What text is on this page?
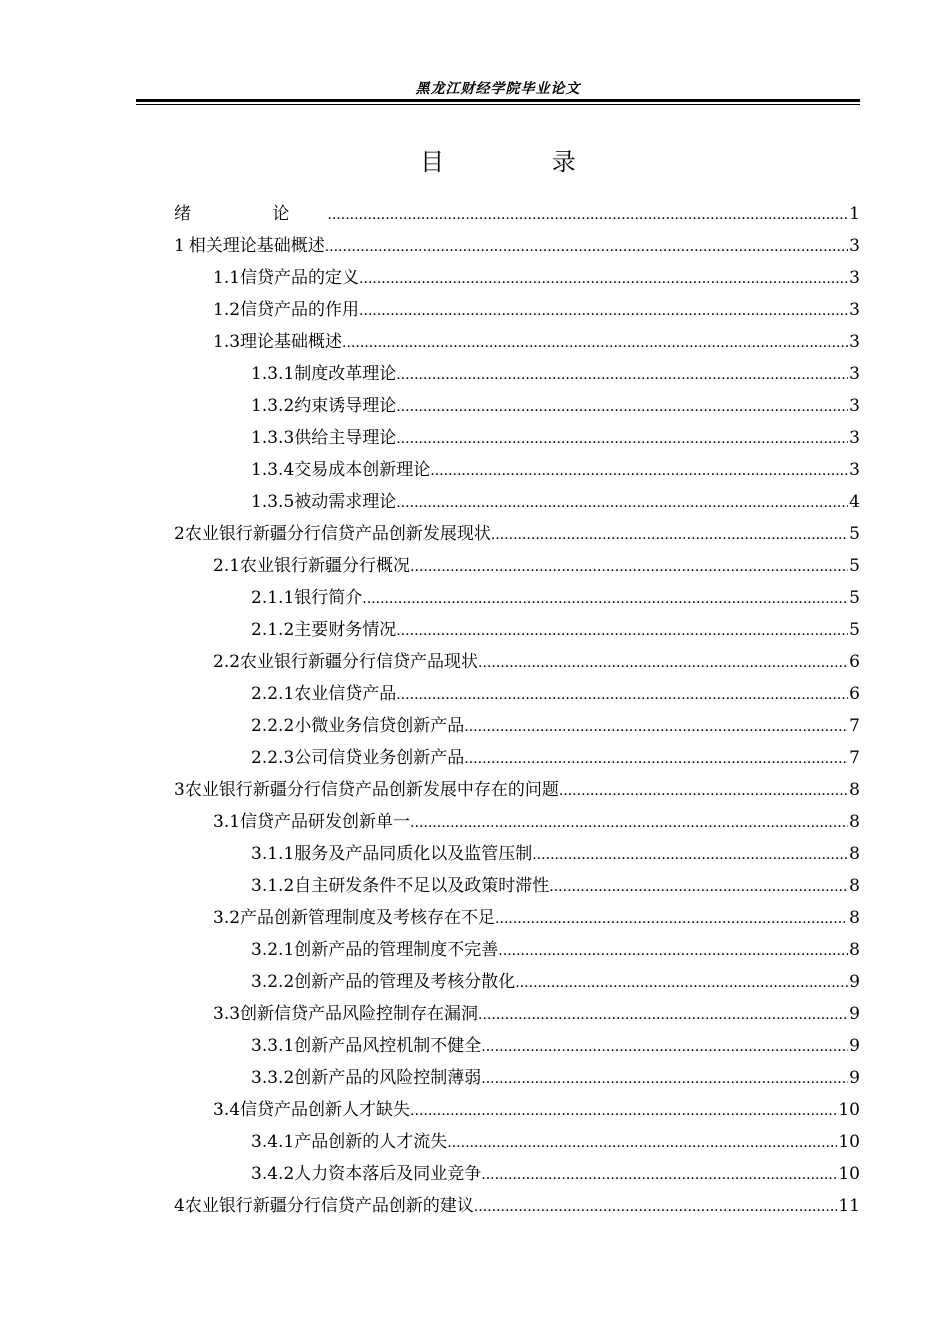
黑龙江财经学院毕业论文
目 录
绪 论 .....	1
1 相关理论基础概述 .....	3
1.1 信贷产品的定义 .....	3
1.2 信贷产品的作用 .....	3
1.3 理论基础概述 .....	3
1.3.1 制度改革理论 .....	3
1.3.2 约束诱导理论 .....	3
1.3.3 供给主导理论 .....	3
1.3.4 交易成本创新理论 .....	3
1.3.5 被动需求理论 .....	4
2 农业银行新疆分行信贷产品创新发展现状 .....	5
2.1 农业银行新疆分行概况 .....	5
2.1.1 银行简介 .....	5
2.1.2 主要财务情况 .....	5
2.2 农业银行新疆分行信贷产品现状 .....	6
2.2.1 农业信贷产品 .....	6
2.2.2 小微业务信贷创新产品 .....	7
2.2.3 公司信贷业务创新产品 .....	7
3 农业银行新疆分行信贷产品创新发展中存在的问题 .....	8
3.1 信贷产品研发创新单一 .....	8
3.1.1 服务及产品同质化以及监管压制 .....	8
3.1.2 自主研发条件不足以及政策时滞性 .....	8
3.2 产品创新管理制度及考核存在不足 .....	8
3.2.1 创新产品的管理制度不完善 .....	8
3.2.2 创新产品的管理及考核分散化 .....	9
3.3 创新信贷产品风险控制存在漏洞 .....	9
3.3.1 创新产品风控机制不健全 .....	9
3.3.2 创新产品的风险控制薄弱 .....	9
3.4 信贷产品创新人才缺失 .....	10
3.4.1 产品创新的人才流失 .....	10
3.4.2 人力资本落后及同业竞争 .....	10
4 农业银行新疆分行信贷产品创新的建议 .....	11
